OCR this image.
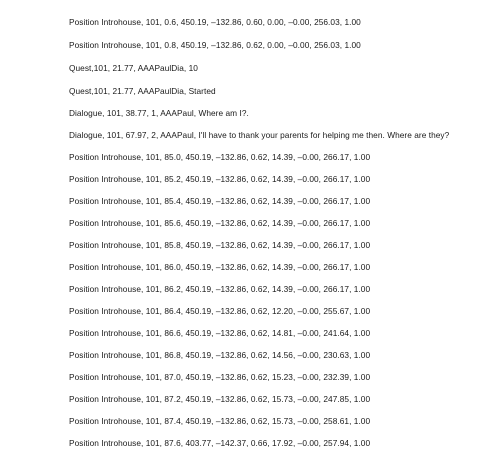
Position Introhouse, 101, 0.6, 450.19, –132.86, 0.60, 0.00, –0.00, 256.03, 1.00
Position Introhouse, 101, 0.8, 450.19, –132.86, 0.62, 0.00, –0.00, 256.03, 1.00
Quest,101, 21.77, AAAPaulDia, 10
Quest,101, 21.77, AAAPaulDia, Started
Dialogue, 101, 38.77, 1, AAAPaul, Where am I?.
Dialogue, 101, 67.97, 2, AAAPaul, I'll have to thank your parents for helping me then. Where are they?
Position Introhouse, 101, 85.0, 450.19, –132.86, 0.62, 14.39, –0.00, 266.17, 1.00
Position Introhouse, 101, 85.2, 450.19, –132.86, 0.62, 14.39, –0.00, 266.17, 1.00
Position Introhouse, 101, 85.4, 450.19, –132.86, 0.62, 14.39, –0.00, 266.17, 1.00
Position Introhouse, 101, 85.6, 450.19, –132.86, 0.62, 14.39, –0.00, 266.17, 1.00
Position Introhouse, 101, 85.8, 450.19, –132.86, 0.62, 14.39, –0.00, 266.17, 1.00
Position Introhouse, 101, 86.0, 450.19, –132.86, 0.62, 14.39, –0.00, 266.17, 1.00
Position Introhouse, 101, 86.2, 450.19, –132.86, 0.62, 14.39, –0.00, 266.17, 1.00
Position Introhouse, 101, 86.4, 450.19, –132.86, 0.62, 12.20, –0.00, 255.67, 1.00
Position Introhouse, 101, 86.6, 450.19, –132.86, 0.62, 14.81, –0.00, 241.64, 1.00
Position Introhouse, 101, 86.8, 450.19, –132.86, 0.62, 14.56, –0.00, 230.63, 1.00
Position Introhouse, 101, 87.0, 450.19, –132.86, 0.62, 15.23, –0.00, 232.39, 1.00
Position Introhouse, 101, 87.2, 450.19, –132.86, 0.62, 15.73, –0.00, 247.85, 1.00
Position Introhouse, 101, 87.4, 450.19, –132.86, 0.62, 15.73, –0.00, 258.61, 1.00
Position Introhouse, 101, 87.6, 403.77, –142.37, 0.66, 17.92, –0.00, 257.94, 1.00
